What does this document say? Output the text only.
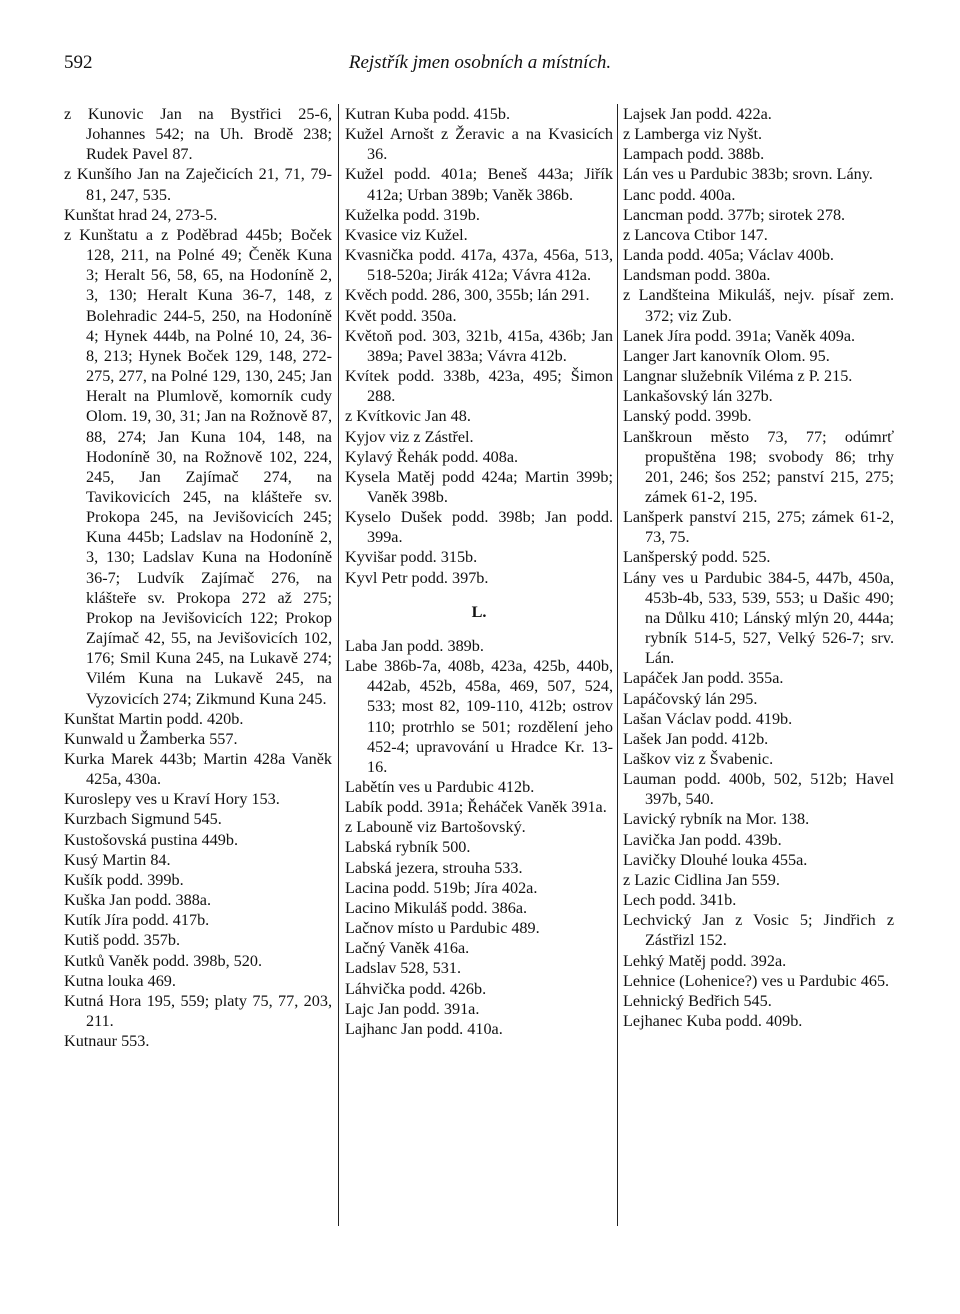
592	Rejstřík jmen osobních a místních.

z Kunovic Jan na Bystřici 25-6, Johannes 542; na Uh. Brodě 238; Rudek Pavel 87.

z Kunšího Jan na Zaječicích 21, 71, 79-81, 247, 535.

Kunštat hrad 24, 273-5.

z Kunštatu a z Poděbrad 445b; Boček 128, 211, na Polné 49; Čeněk Kuna 3; Heralt 56, 58, 65, na Hodoníně 2, 3, 130; Heralt Kuna 36-7, 148, z Bolehradic 244-5, 250, na Hodoníně 4; Hynek 444b, na Polné 10, 24, 36-8, 213; Hynek Boček 129, 148, 272-275, 277, na Polné 129, 130, 245; Jan Heralt na Plumlově, komorník cudy Olom. 19, 30, 31; Jan na Rožnově 87, 88, 274; Jan Kuna 104, 148, na Hodoníně 30, na Rožnově 102, 224, 245, Jan Zajímač 274, na Tavikovicích 245, na klášteře sv. Prokopa 245, na Jevišovicích 245; Kuna 445b; Ladslav na Hodoníně 2, 3, 130; Ladslav Kuna na Hodoníně 36-7; Ludvík Zajímač 276, na klášteře sv. Prokopa 272 až 275; Prokop na Jevišovicích 122; Prokop Zajímač 42, 55, na Jevišovicích 102, 176; Smil Kuna 245, na Lukavě 274; Vilém Kuna na Lukavě 245, na Vyzovicích 274; Zikmund Kuna 245.

Kunštat Martin podd. 420b.

Kunwald u Žamberka 557.

Kurka Marek 443b; Martin 428a Vaněk 425a, 430a.

Kuroslepy ves u Kraví Hory 153.

Kurzbach Sigmund 545.

Kustošovská pustina 449b.

Kusý Martin 84.

Kušík podd. 399b.

Kuška Jan podd. 388a.

Kutík Jíra podd. 417b.

Kutiš podd. 357b.

Kutků Vaněk podd. 398b, 520.

Kutna louka 469.

Kutná Hora 195, 559; platy 75, 77, 203, 211.

Kutnaur 553.

Kutran Kuba podd. 415b.

Kužel Arnošt z Žeravic a na Kvasicích 36.

Kužel podd. 401a; Beneš 443a; Jiřík 412a; Urban 389b; Vaněk 386b.

Kuželka podd. 319b.

Kvasice viz Kužel.

Kvasnička podd. 417a, 437a, 456a, 513, 518-520a; Jirák 412a; Vávra 412a.

Kvěch podd. 286, 300, 355b; lán 291.

Květ podd. 350a.

Květoň pod. 303, 321b, 415a, 436b; Jan 389a; Pavel 383a; Vávra 412b.

Kvítek podd. 338b, 423a, 495; Šimon 288.

z Kvítkovic Jan 48.

Kyjov viz z Zástřel.

Kylavý Řehák podd. 408a.

Kysela Matěj podd 424a; Martin 399b; Vaněk 398b.

Kyselo Dušek podd. 398b; Jan podd. 399a.

Kyvišar podd. 315b.

Kyvl Petr podd. 397b.

L.

Laba Jan podd. 389b.

Labe 386b-7a, 408b, 423a, 425b, 440b, 442ab, 452b, 458a, 469, 507, 524, 533; most 82, 109-110, 412b; ostrov 110; protrhlo se 501; rozdělení jeho 452-4; upravování u Hradce Kr. 13-16.

Labětín ves u Pardubic 412b.

Labík podd. 391a; Řeháček Vaněk 391a.

z Labouně viz Bartošovský.

Labská rybník 500.

Labská jezera, strouha 533.

Lacina podd. 519b; Jíra 402a.

Lacino Mikuláš podd. 386a.

Lačnov místo u Pardubic 489.

Lačný Vaněk 416a.

Ladslav 528, 531.

Láhvička podd. 426b.

Lajc Jan podd. 391a.

Lajhanc Jan podd. 410a.

Lajsek Jan podd. 422a.

z Lamberga viz Nyšt.

Lampach podd. 388b.

Lán ves u Pardubic 383b; srovn. Lány.

Lanc podd. 400a.

Lancman podd. 377b; sirotek 278.

z Lancova Ctibor 147.

Landa podd. 405a; Václav 400b.

Landsman podd. 380a.

z Landšteina Mikuláš, nejv. písař zem. 372; viz Zub.

Lanek Jíra podd. 391a; Vaněk 409a.

Langer Jart kanovník Olom. 95.

Langnar služebník Viléma z P. 215.

Lankašovský lán 327b.

Lanský podd. 399b.

Lanškroun město 73, 77; odúmrť propuštěna 198; svobody 86; trhy 201, 246; šos 252; panství 215, 275; zámek 61-2, 195.

Lanšperk panství 215, 275; zámek 61-2, 73, 75.

Lanšperský podd. 525.

Lány ves u Pardubic 384-5, 447b, 450a, 453b-4b, 533, 539, 553; u Dašic 490; na Důlku 410; Lánský mlýn 20, 444a; rybník 514-5, 527, Velký 526-7; srv. Lán.

Lapáček Jan podd. 355a.

Lapáčovský lán 295.

Lašan Václav podd. 419b.

Lašek Jan podd. 412b.

Laškov viz z Švabenic.

Lauman podd. 400b, 502, 512b; Havel 397b, 540.

Lavický rybník na Mor. 138.

Lavička Jan podd. 439b.

Lavičky Dlouhé louka 455a.

z Lazic Cidlina Jan 559.

Lech podd. 341b.

Lechvický Jan z Vosic 5; Jindřich z Zástřizl 152.

Lehký Matěj podd. 392a.

Lehnice (Lohenice?) ves u Pardubic 465.

Lehnický Bedřich 545.

Lejhanec Kuba podd. 409b.
